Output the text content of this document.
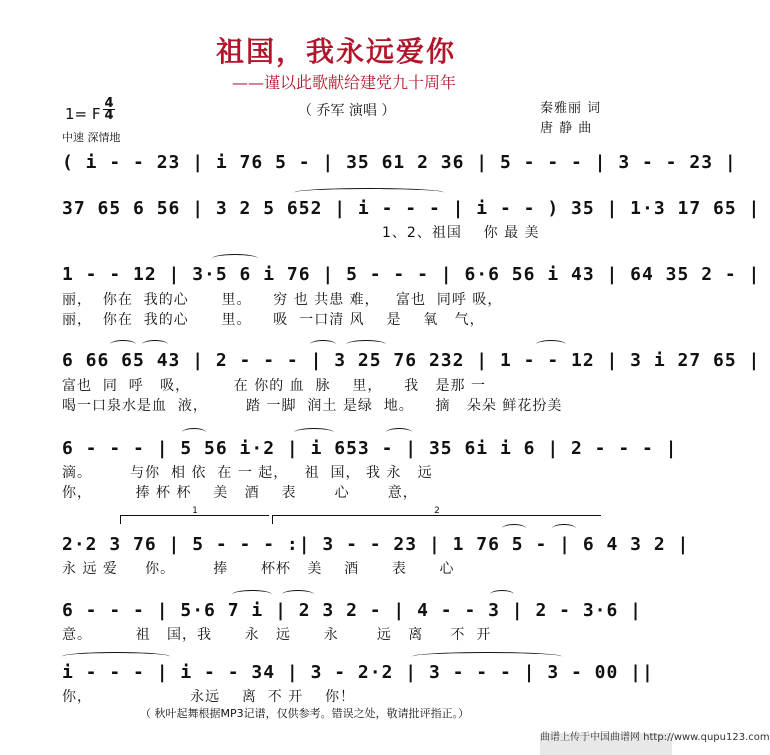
祖国，我永远爱你
——谨以此歌献给建党九十周年
（ 乔军 演唱 ）	秦雅丽 词
唐 静 曲
1= F
4
4
中速 深情地
( i - - 23 | i 76 5 - | 35 61 2 36 | 5 - - - | 3 - - 23 |
37 65 6 56 | 3 2 5 652 | i - - - | i - - ) 35 | 1·3 17 65 |
1、2、祖国    你 最 美
1 - - 12 | 3·5 6 i 76 | 5 - - - | 6·6 56 i 43 | 64 35 2 - |
丽，  你在  我的心      里。    穷 也 共患 难，   富也  同呼 吸，
丽，  你在  我的心      里。    吸  一口清 风    是    氧   气，
6 66 65 43 | 2 - - - | 3 25 76 232 | 1 - - 12 | 3 i 27 65 |
富也  同  呼   吸，        在 你的 血  脉    里，    我   是那 一
喝一口泉水是血  液，       踏 一脚  润土 是绿  地。    摘   朵朵 鲜花扮美
6 - - - | 5 56 i·2 | i 653 - | 35 6i i 6 | 2 - - - |
滴。       与你  相 依  在 一 起，   祖  国， 我 永   远
你，        捧 杯 杯    美   酒    表       心       意，
1	2
2·2 3 76 | 5 - - - :| 3 - - 23 | 1 76 5 - | 6 4 3 2 |
永 远 爱     你。       捧      杯杯   美    酒      表      心
6 - - - | 5·6 7 i | 2 3 2 - | 4 - - 3 | 2 - 3·6 |
意。        祖   国，我      永   远      永       远   离     不  开
i - - - | i - - 34 | 3 - 2·2 | 3 - - - | 3 - 00 ||
你，                  永远    离  不 开    你！
（ 秋叶起舞根据MP3记谱，仅供参考。错误之处，敬请批评指正。）
曲谱上传于中国曲谱网 http://www.qupu123.com
